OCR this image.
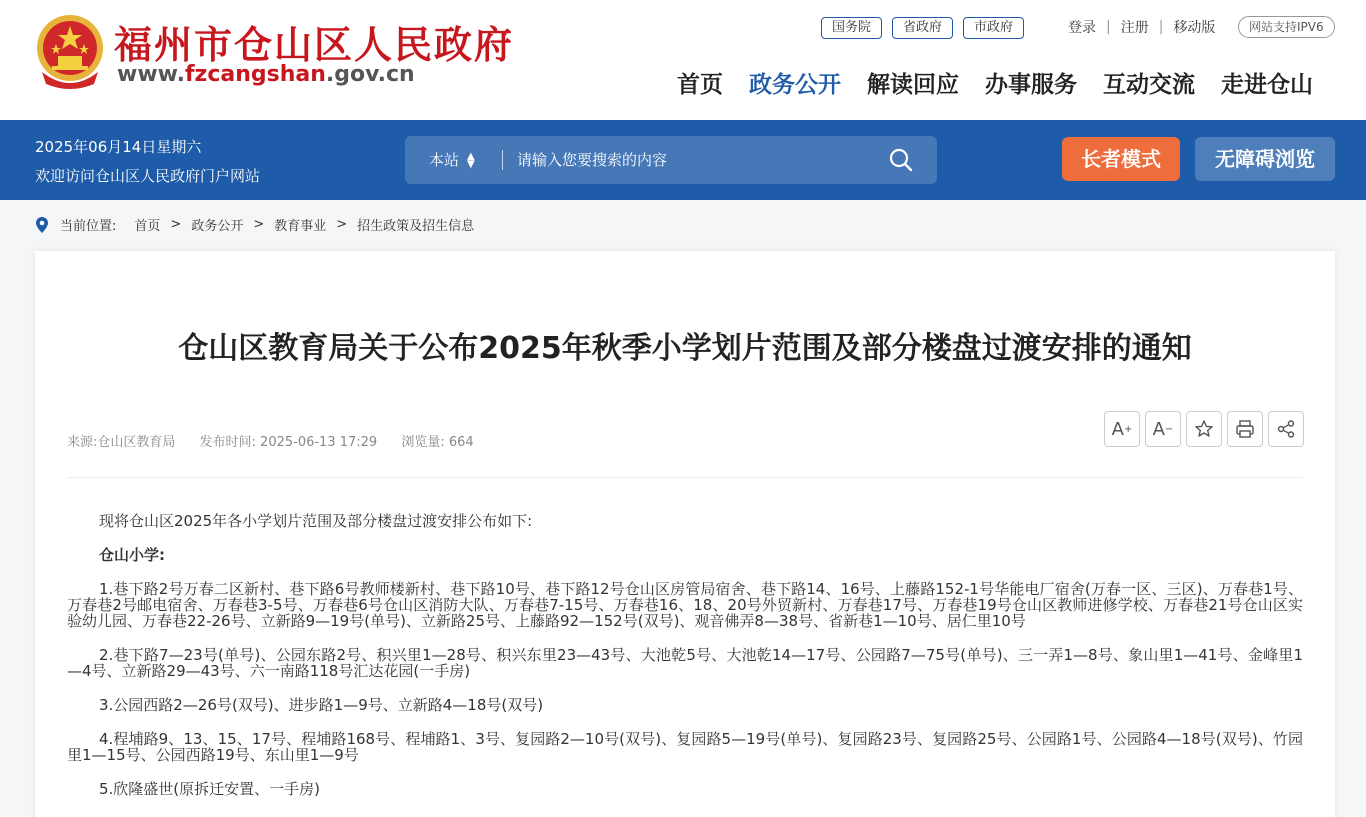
福州市仓山区人民政府
www.fzcangshan.gov.cn
国务院	省政府	市政府	登录 | 注册 | 移动版	网站支持IPV6
首页	政务公开	解读回应	办事服务	互动交流	走进仓山
2025年06月14日星期六
欢迎访问仓山区人民政府门户网站
本站 ▲
▼
请输入您要搜索的内容	长者模式	无障碍浏览
当前位置: 首页 > 政务公开 > 教育事业 > 招生政策及招生信息
仓山区教育局关于公布2025年秋季小学划片范围及部分楼盘过渡安排的通知
来源:仓山区教育局 发布时间: 2025-06-13 17:29 浏览量: 664
A +	A −

现将仓山区2025年各小学划片范围及部分楼盘过渡安排公布如下:

仓山小学:

1.巷下路2号万春二区新村、巷下路6号教师楼新村、巷下路10号、巷下路12号仓山区房管局宿舍、巷下路14、16号、上藤路152-1号华能电厂宿舍(万春一区、三区)、万春巷1号、万春巷2号邮电宿舍、万春巷3-5号、万春巷6号仓山区消防大队、万春巷7-15号、万春巷16、18、20号外贸新村、万春巷17号、万春巷19号仓山区教师进修学校、万春巷21号仓山区实验幼儿园、万春巷22-26号、立新路9—19号(单号)、立新路25号、上藤路92—152号(双号)、观音佛弄8—38号、省新巷1—10号、居仁里10号

2.巷下路7—23号(单号)、公园东路2号、积兴里1—28号、积兴东里23—43号、大池乾5号、大池乾14—17号、公园路7—75号(单号)、三一弄1—8号、象山里1—41号、金峰里1—4号、立新路29—43号、六一南路118号汇达花园(一手房)

3.公园西路2—26号(双号)、进步路1—9号、立新路4—18号(双号)

4.程埔路9、13、15、17号、程埔路168号、程埔路1、3号、复园路2—10号(双号)、复园路5—19号(单号)、复园路23号、复园路25号、公园路1号、公园路4—18号(双号)、竹园里1—15号、公园西路19号、东山里1—9号

5.欣隆盛世(原拆迁安置、一手房)
